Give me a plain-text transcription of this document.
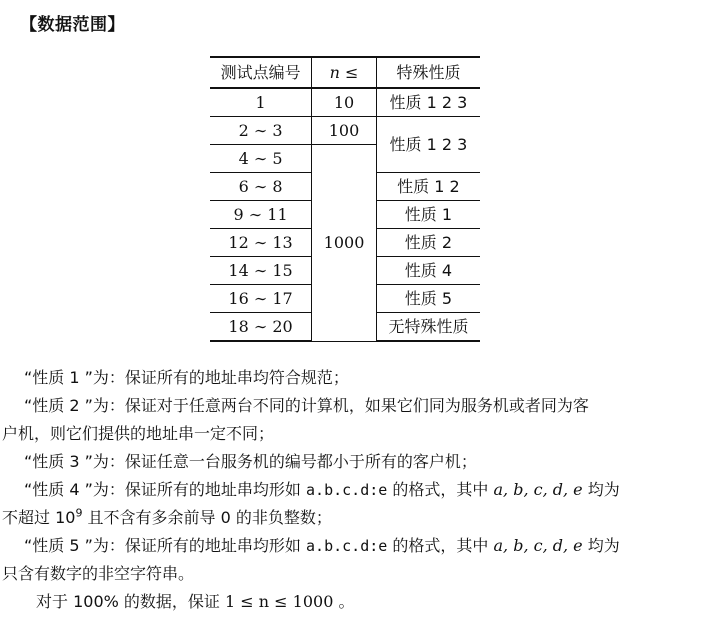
【数据范围】
测试点编号	n ≤	特殊性质
1	10	性质 1 2 3
2 ∼ 3	100	性质 1 2 3
4 ∼ 5	1000	
6 ∼ 8		性质 1 2
9 ∼ 11		性质 1
12 ∼ 13		性质 2
14 ∼ 15		性质 4
16 ∼ 17		性质 5
18 ∼ 20		无特殊性质
“性质 1 ”为：保证所有的地址串均符合规范；
“性质 2 ”为：保证对于任意两台不同的计算机，如果它们同为服务机或者同为客
户机，则它们提供的地址串一定不同；
“性质 3 ”为：保证任意一台服务机的编号都小于所有的客户机；
“性质 4 ”为：保证所有的地址串均形如 a.b.c.d:e 的格式，其中 a, b, c, d, e 均为
不超过 $10^9$ 且不含有多余前导 0 的非负整数；
“性质 5 ”为：保证所有的地址串均形如 a.b.c.d:e 的格式，其中 a, b, c, d, e 均为
只含有数字的非空字符串。
对于 100% 的数据，保证 1 ≤ n ≤ 1000 。
